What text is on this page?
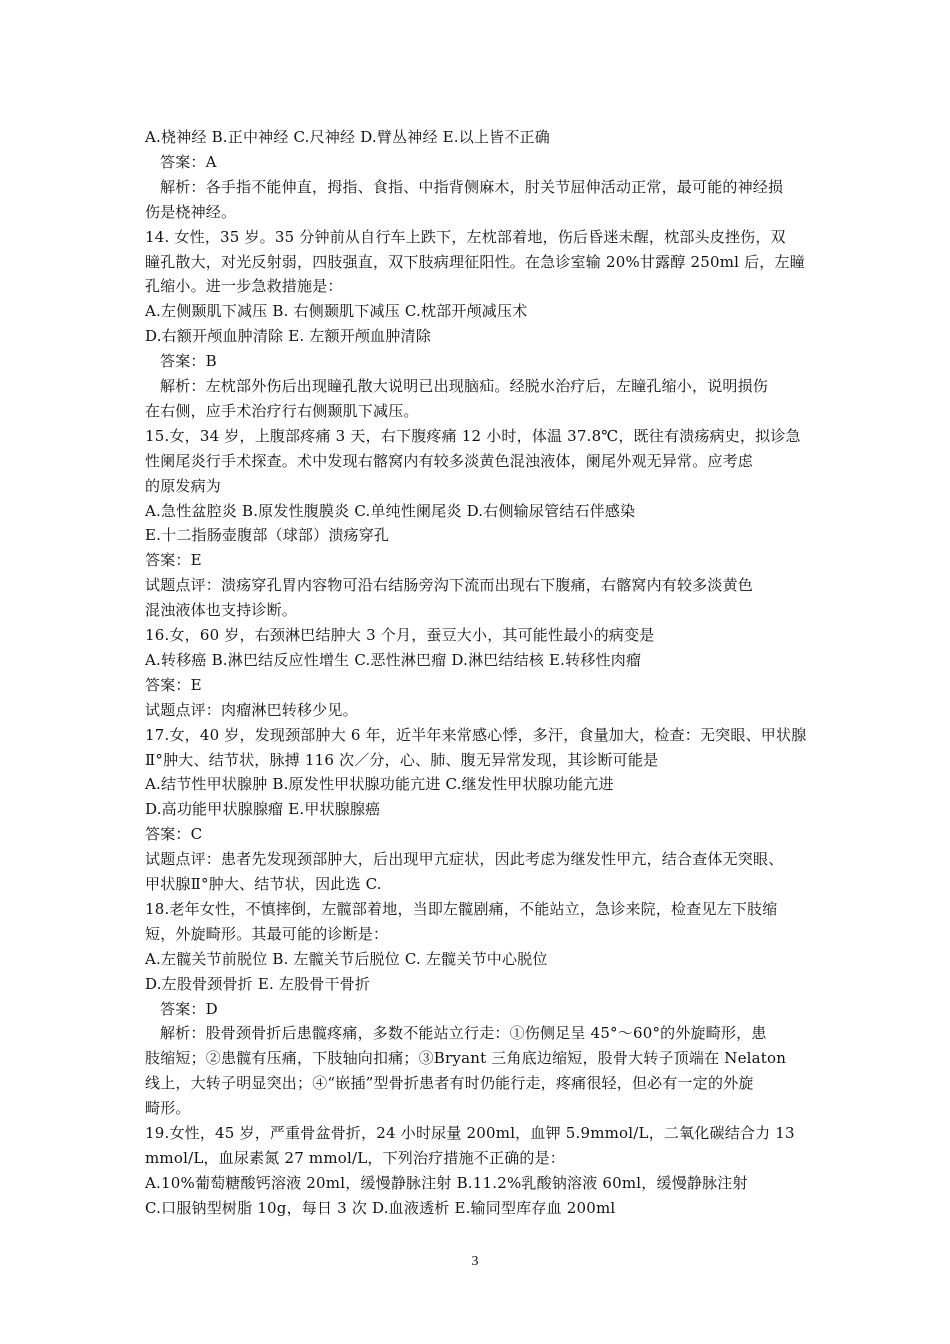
A.桡神经 B.正中神经 C.尺神经 D.臂丛神经 E.以上皆不正确
答案：A
解析：各手指不能伸直，拇指、食指、中指背侧麻木，肘关节屈伸活动正常，最可能的神经损
伤是桡神经。
14. 女性，35 岁。35 分钟前从自行车上跌下，左枕部着地，伤后昏迷未醒，枕部头皮挫伤，双
瞳孔散大，对光反射弱，四肢强直，双下肢病理征阳性。在急诊室输 20%甘露醇 250ml 后，左瞳
孔缩小。进一步急救措施是：
A.左侧颞肌下减压 B. 右侧颞肌下减压 C.枕部开颅减压术
D.右额开颅血肿清除 E. 左额开颅血肿清除
答案：B
解析：左枕部外伤后出现瞳孔散大说明已出现脑疝。经脱水治疗后，左瞳孔缩小，说明损伤
在右侧，应手术治疗行右侧颞肌下减压。
15.女，34 岁，上腹部疼痛 3 天，右下腹疼痛 12 小时，体温 37.8℃，既往有溃疡病史，拟诊急
性阑尾炎行手术探查。术中发现右髂窝内有较多淡黄色混浊液体，阑尾外观无异常。应考虑
的原发病为
A.急性盆腔炎 B.原发性腹膜炎 C.单纯性阑尾炎 D.右侧输尿管结石伴感染
E.十二指肠壶腹部（球部）溃疡穿孔
答案：E
试题点评：溃疡穿孔胃内容物可沿右结肠旁沟下流而出现右下腹痛，右髂窝内有较多淡黄色
混浊液体也支持诊断。
16.女，60 岁，右颈淋巴结肿大 3 个月，蚕豆大小，其可能性最小的病变是
A.转移癌 B.淋巴结反应性增生 C.恶性淋巴瘤 D.淋巴结结核 E.转移性肉瘤
答案：E
试题点评：肉瘤淋巴转移少见。
17.女，40 岁，发现颈部肿大 6 年，近半年来常感心悸，多汗，食量加大，检查：无突眼、甲状腺
Ⅱ°肿大、结节状，脉搏 116 次／分，心、肺、腹无异常发现，其诊断可能是
A.结节性甲状腺肿 B.原发性甲状腺功能亢进 C.继发性甲状腺功能亢进
D.高功能甲状腺腺瘤 E.甲状腺腺癌
答案：C
试题点评：患者先发现颈部肿大，后出现甲亢症状，因此考虑为继发性甲亢，结合查体无突眼、
甲状腺Ⅱ°肿大、结节状，因此选 C.
18.老年女性，不慎摔倒，左髋部着地，当即左髋剧痛，不能站立，急诊来院，检查见左下肢缩
短，外旋畸形。其最可能的诊断是：
A.左髋关节前脱位 B. 左髋关节后脱位 C. 左髋关节中心脱位
D.左股骨颈骨折 E. 左股骨干骨折
答案：D
解析：股骨颈骨折后患髋疼痛，多数不能站立行走：①伤侧足呈 45°～60°的外旋畸形，患
肢缩短；②患髋有压痛，下肢轴向扣痛；③Bryant 三角底边缩短，股骨大转子顶端在 Nelaton
线上，大转子明显突出；④“嵌插”型骨折患者有时仍能行走，疼痛很轻，但必有一定的外旋
畸形。
19.女性，45 岁，严重骨盆骨折，24 小时尿量 200ml，血钾 5.9mmol/L，二氧化碳结合力 13
mmol/L，血尿素氮 27 mmol/L，下列治疗措施不正确的是：
A.10%葡萄糖酸钙溶液 20ml，缓慢静脉注射 B.11.2%乳酸钠溶液 60ml，缓慢静脉注射
C.口服钠型树脂 10g，每日 3 次 D.血液透析 E.输同型库存血 200ml
3
